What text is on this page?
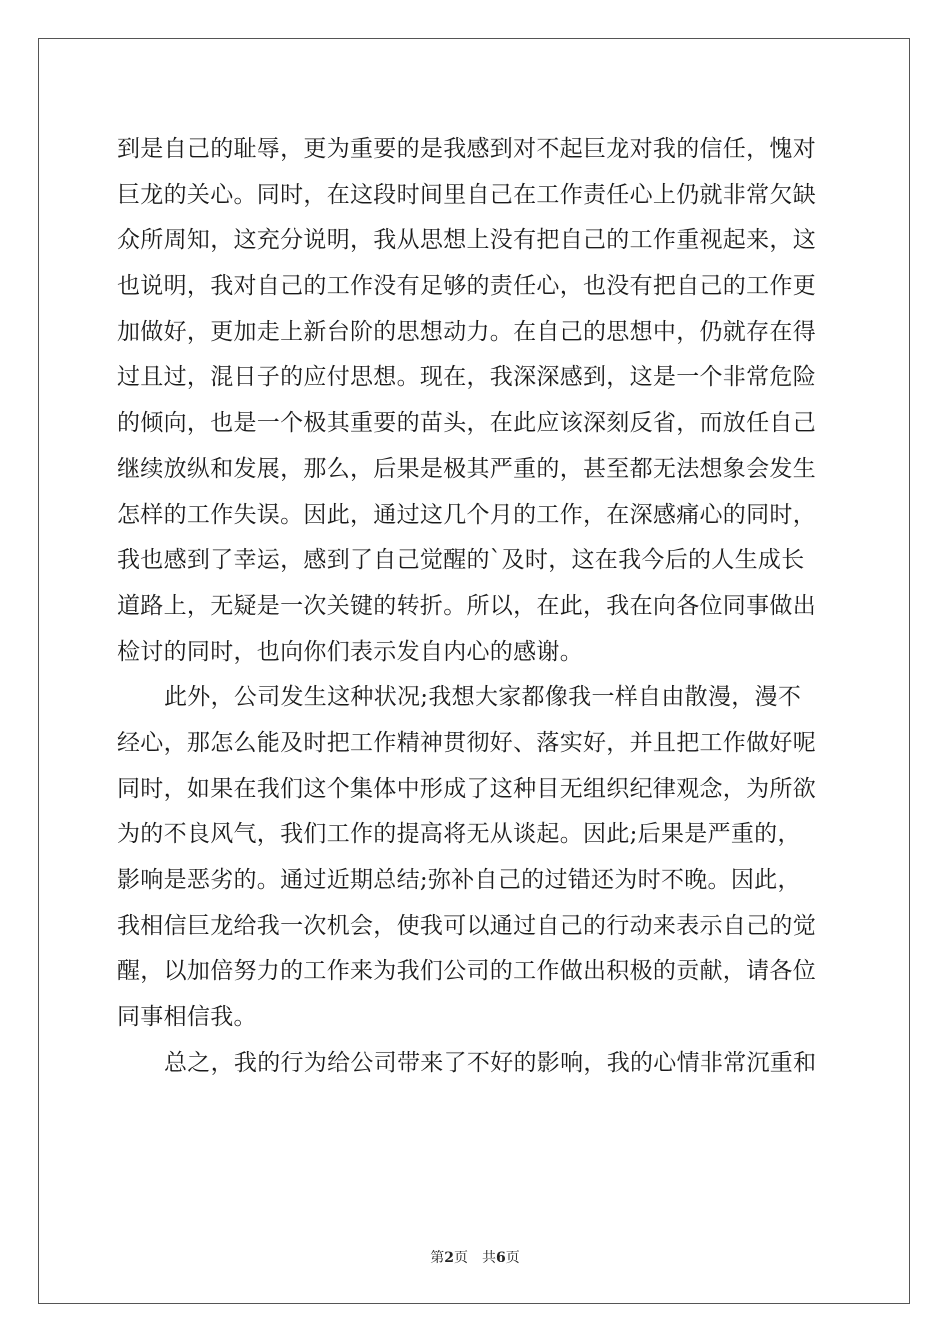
到是自己的耻辱，更为重要的是我感到对不起巨龙对我的信任，愧对
巨龙的关心。同时，在这段时间里自己在工作责任心上仍就非常欠缺
众所周知，这充分说明，我从思想上没有把自己的工作重视起来，这
也说明，我对自己的工作没有足够的责任心，也没有把自己的工作更
加做好，更加走上新台阶的思想动力。在自己的思想中，仍就存在得
过且过，混日子的应付思想。现在，我深深感到，这是一个非常危险
的倾向，也是一个极其重要的苗头，在此应该深刻反省，而放任自己
继续放纵和发展，那么，后果是极其严重的，甚至都无法想象会发生
怎样的工作失误。因此，通过这几个月的工作，在深感痛心的同时，
我也感到了幸运，感到了自己觉醒的`及时，这在我今后的人生成长
道路上，无疑是一次关键的转折。所以，在此，我在向各位同事做出
检讨的同时，也向你们表示发自内心的感谢。
此外，公司发生这种状况;我想大家都像我一样自由散漫，漫不
经心，那怎么能及时把工作精神贯彻好、落实好，并且把工作做好呢
同时，如果在我们这个集体中形成了这种目无组织纪律观念，为所欲
为的不良风气，我们工作的提高将无从谈起。因此;后果是严重的，
影响是恶劣的。通过近期总结;弥补自己的过错还为时不晚。因此，
我相信巨龙给我一次机会，使我可以通过自己的行动来表示自己的觉
醒，以加倍努力的工作来为我们公司的工作做出积极的贡献，请各位
同事相信我。
总之，我的行为给公司带来了不好的影响，我的心情非常沉重和
第2页 共6页
